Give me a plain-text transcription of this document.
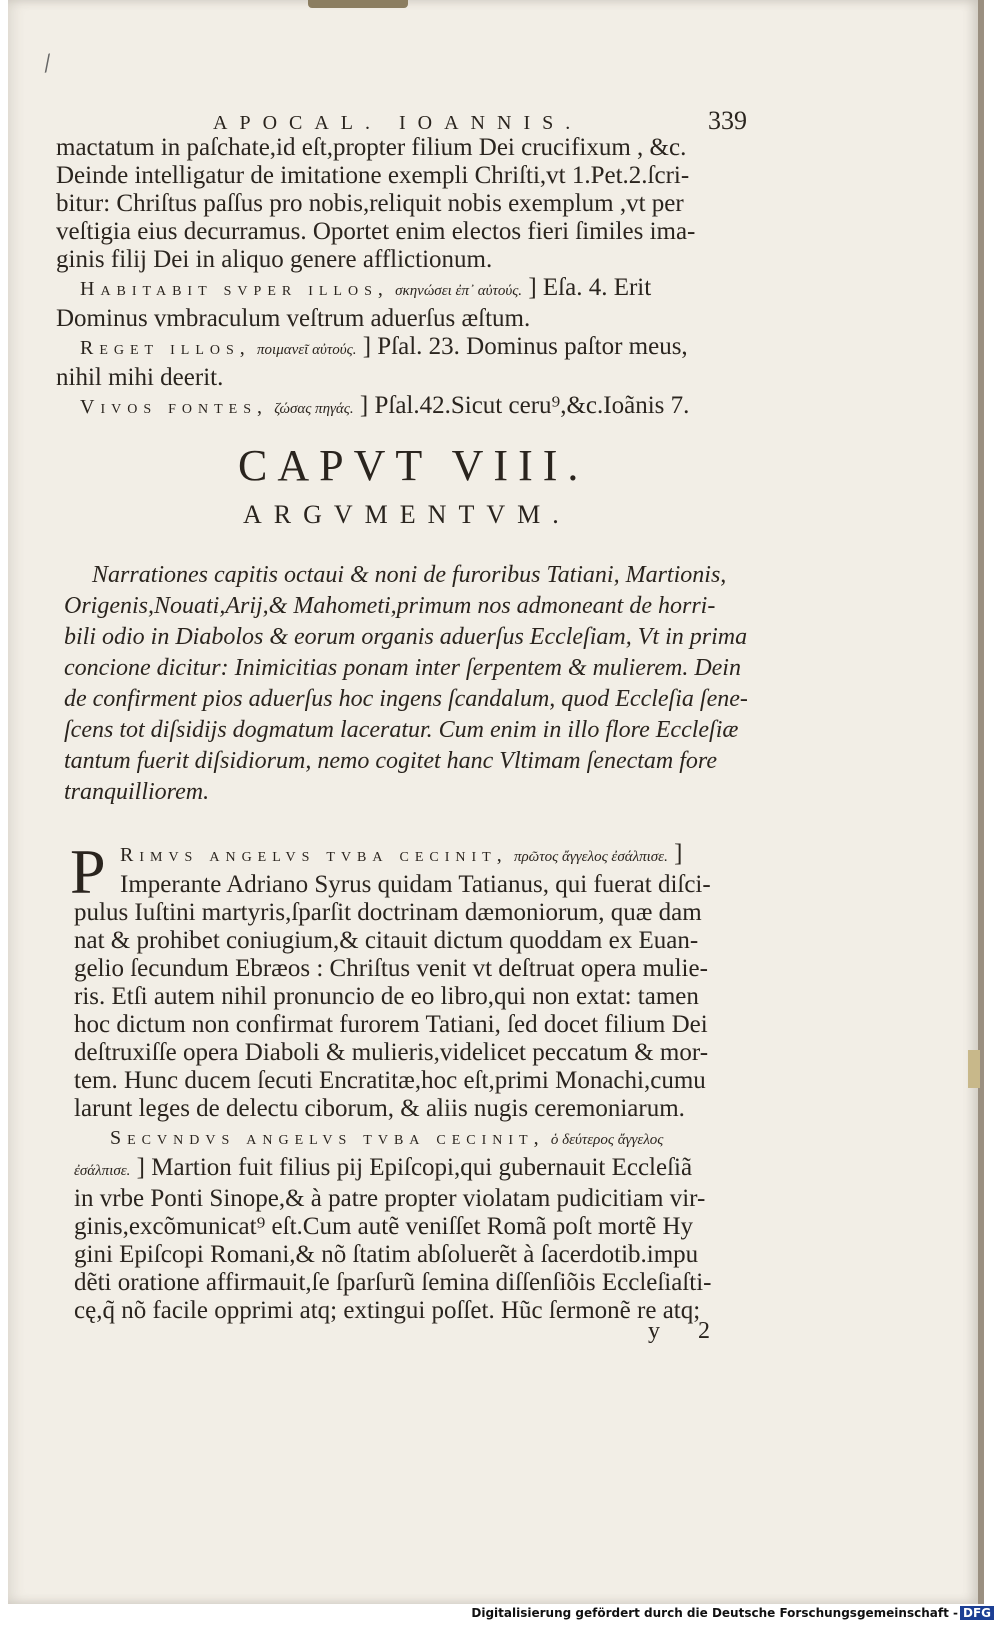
⁄
APOCAL. IOANNIS.	339
mactatum in paſchate,id eſt,propter filium Dei crucifixum , &c.
Deinde intelligatur de imitatione exempli Chriſti,vt 1.Pet.2.ſcri-
bitur: Chriſtus paſſus pro nobis,reliquit nobis exemplum ,vt per
veſtigia eius decurramus. Oportet enim electos fieri ſimiles ima-
ginis filij Dei in aliquo genere afflictionum.
Habitabit svper illos, σκηνώσει ἐπ᾽ αὐτούς. ] Eſa. 4. Erit
Dominus vmbraculum veſtrum aduerſus æſtum.
Reget illos, ποιμανεῖ αὐτούς. ] Pſal. 23. Dominus paſtor meus,
nihil mihi deerit.
Vivos fontes, ζώσας πηγάς. ] Pſal.42.Sicut ceru⁹,&c.Ioãnis 7.
CAPVT VIII.
ARGVMENTVM.
Narrationes capitis octaui & noni de furoribus Tatiani, Martionis,
Origenis,Nouati,Arij,& Mahometi,primum nos admoneant de horri-
bili odio in Diabolos & eorum organis aduerſus Eccleſiam, Vt in prima
concione dicitur: Inimicitias ponam inter ſerpentem & mulierem. Dein
de confirment pios aduerſus hoc ingens ſcandalum, quod Eccleſia ſene-
ſcens tot diſsidijs dogmatum laceratur. Cum enim in illo flore Eccleſiæ
tantum fuerit diſsidiorum, nemo cogitet hanc Vltimam ſenectam fore
tranquilliorem.
P Rimvs angelvs tvba cecinit, πρῶτος ἄγγελος ἐσάλπισε. ]
Imperante Adriano Syrus quidam Tatianus, qui fuerat diſci-
pulus Iuſtini martyris,ſparſit doctrinam dæmoniorum, quæ dam
nat & prohibet coniugium,& citauit dictum quoddam ex Euan-
gelio ſecundum Ebræos : Chriſtus venit vt deſtruat opera mulie-
ris. Etſi autem nihil pronuncio de eo libro,qui non extat: tamen
hoc dictum non confirmat furorem Tatiani, ſed docet filium Dei
deſtruxiſſe opera Diaboli & mulieris,videlicet peccatum & mor-
tem. Hunc ducem ſecuti Encratitæ,hoc eſt,primi Monachi,cumu
larunt leges de delectu ciborum, & aliis nugis ceremoniarum.
Secvndvs angelvs tvba cecinit, ὁ δεύτερος ἄγγελος
ἐσάλπισε. ] Martion fuit filius pij Epiſcopi,qui gubernauit Eccleſiã
in vrbe Ponti Sinope,& à patre propter violatam pudicitiam vir-
ginis,excõmunicat⁹ eſt.Cum autẽ veniſſet Romã poſt mortẽ Hy
gini Epiſcopi Romani,& nõ ſtatim abſoluerẽt à ſacerdotib.impu
dẽti oratione affirmauit,ſe ſparſurũ ſemina diſſenſiõis Eccleſiaſti-
cę,q̃ nõ facile opprimi atq; extingui poſſet. Hũc ſermonẽ re atq;
y 2
Digitalisierung gefördert durch die Deutsche Forschungsgemeinschaft - DFG
